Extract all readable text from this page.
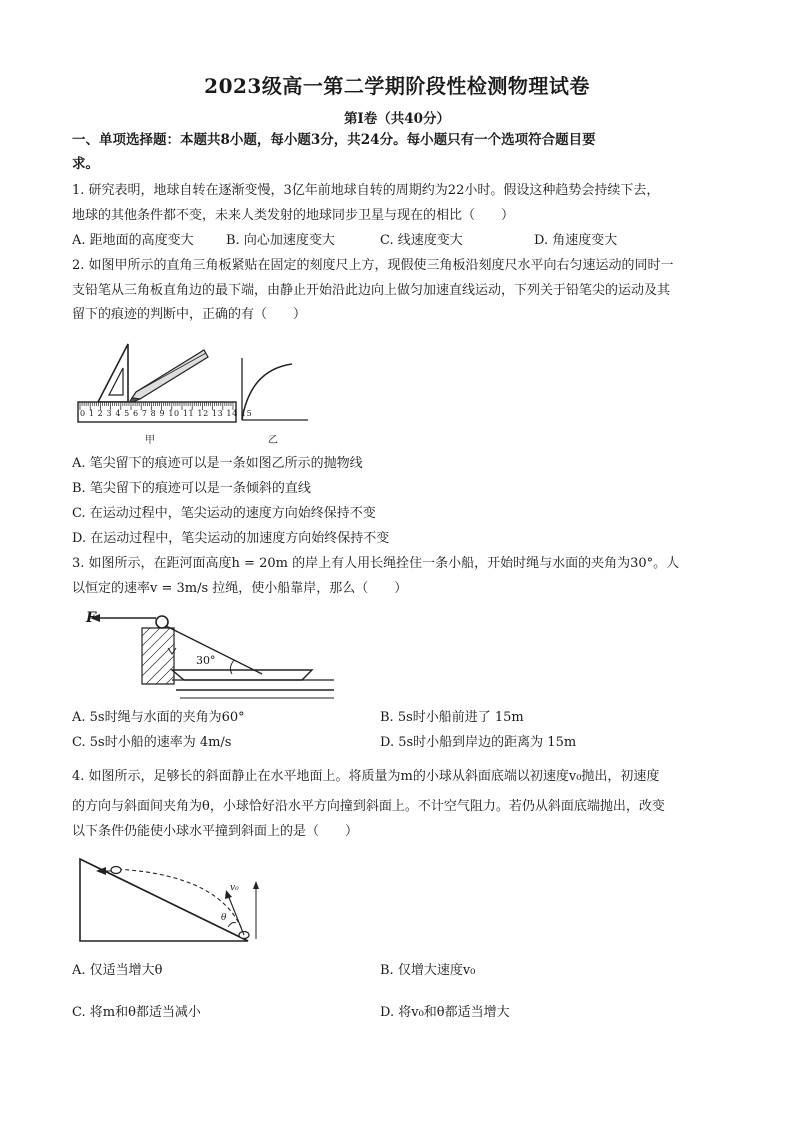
2023级高一第二学期阶段性检测物理试卷
第Ⅰ卷（共40分）
一、单项选择题：本题共8小题，每小题3分，共24分。每小题只有一个选项符合题目要
求。
1. 研究表明，地球自转在逐渐变慢，3亿年前地球自转的周期约为22小时。假设这种趋势会持续下去，
地球的其他条件都不变，未来人类发射的地球同步卫星与现在的相比（　　）
A. 距地面的高度变大 B. 向心加速度变大	C. 线速度变大	D. 角速度变大
2. 如图甲所示的直角三角板紧贴在固定的刻度尺上方，现假使三角板沿刻度尺水平向右匀速运动的同时一
支铅笔从三角板直角边的最下端，由静止开始沿此边向上做匀加速直线运动，下列关于铅笔尖的运动及其
留下的痕迹的判断中，正确的有（　　）
0 1 2 3 4 5 6 7 8 9 10 11 12 13 14 15
甲	乙
A. 笔尖留下的痕迹可以是一条如图乙所示的抛物线
B. 笔尖留下的痕迹可以是一条倾斜的直线
C. 在运动过程中，笔尖运动的速度方向始终保持不变
D. 在运动过程中，笔尖运动的加速度方向始终保持不变
3. 如图所示，在距河面高度h = 20m 的岸上有人用长绳拴住一条小船，开始时绳与水面的夹角为30°。人
以恒定的速率v = 3m/s 拉绳，使小船靠岸，那么（　　）
F
30°
A. 5s时绳与水面的夹角为60°	B. 5s时小船前进了 15m
C. 5s时小船的速率为 4m/s	D. 5s时小船到岸边的距离为 15m
4. 如图所示，足够长的斜面静止在水平地面上。将质量为m的小球从斜面底端以初速度v₀抛出，初速度
的方向与斜面间夹角为θ，小球恰好沿水平方向撞到斜面上。不计空气阻力。若仍从斜面底端抛出，改变
以下条件仍能使小球水平撞到斜面上的是（　　）
v₀
θ
A. 仅适当增大θ	B. 仅增大速度v₀
C. 将m和θ都适当减小	D. 将v₀和θ都适当增大
